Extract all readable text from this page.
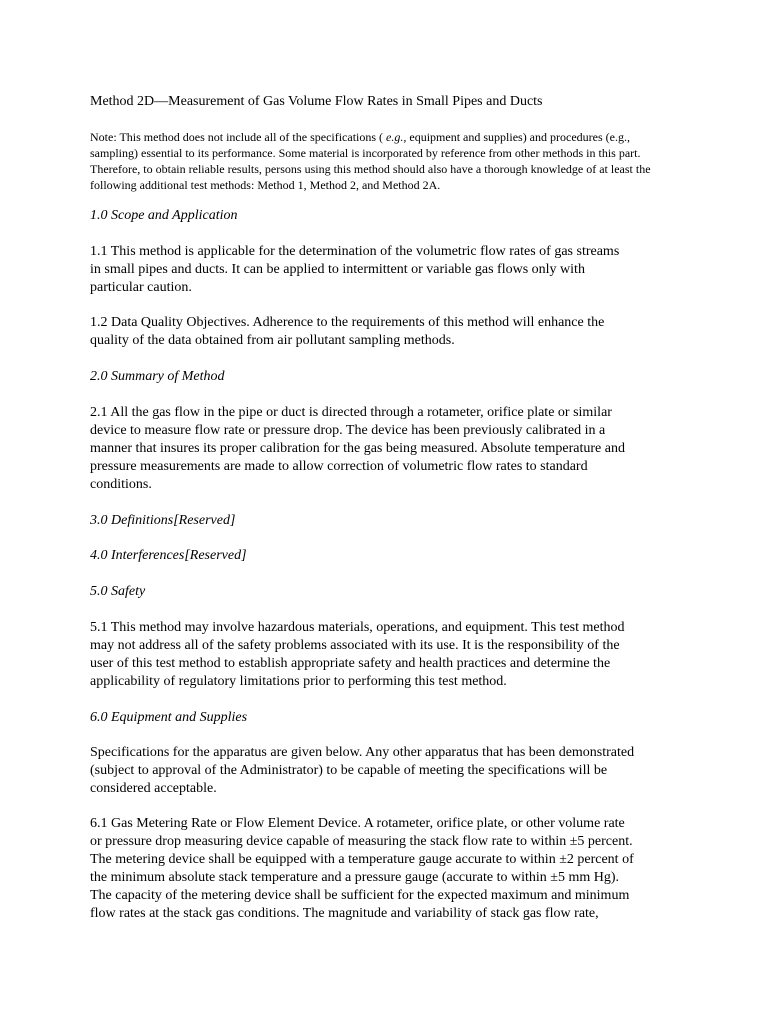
Method 2D—Measurement of Gas Volume Flow Rates in Small Pipes and Ducts
Note: This method does not include all of the specifications ( e.g., equipment and supplies) and procedures (e.g.,
sampling) essential to its performance. Some material is incorporated by reference from other methods in this part.
Therefore, to obtain reliable results, persons using this method should also have a thorough knowledge of at least the
following additional test methods: Method 1, Method 2, and Method 2A.
1.0 Scope and Application
1.1 This method is applicable for the determination of the volumetric flow rates of gas streams
in small pipes and ducts. It can be applied to intermittent or variable gas flows only with
particular caution.
1.2 Data Quality Objectives. Adherence to the requirements of this method will enhance the
quality of the data obtained from air pollutant sampling methods.
2.0 Summary of Method
2.1 All the gas flow in the pipe or duct is directed through a rotameter, orifice plate or similar
device to measure flow rate or pressure drop. The device has been previously calibrated in a
manner that insures its proper calibration for the gas being measured. Absolute temperature and
pressure measurements are made to allow correction of volumetric flow rates to standard
conditions.
3.0 Definitions[Reserved]
4.0 Interferences[Reserved]
5.0 Safety
5.1 This method may involve hazardous materials, operations, and equipment. This test method
may not address all of the safety problems associated with its use. It is the responsibility of the
user of this test method to establish appropriate safety and health practices and determine the
applicability of regulatory limitations prior to performing this test method.
6.0 Equipment and Supplies
Specifications for the apparatus are given below. Any other apparatus that has been demonstrated
(subject to approval of the Administrator) to be capable of meeting the specifications will be
considered acceptable.
6.1 Gas Metering Rate or Flow Element Device. A rotameter, orifice plate, or other volume rate
or pressure drop measuring device capable of measuring the stack flow rate to within ±5 percent.
The metering device shall be equipped with a temperature gauge accurate to within ±2 percent of
the minimum absolute stack temperature and a pressure gauge (accurate to within ±5 mm Hg).
The capacity of the metering device shall be sufficient for the expected maximum and minimum
flow rates at the stack gas conditions. The magnitude and variability of stack gas flow rate,
